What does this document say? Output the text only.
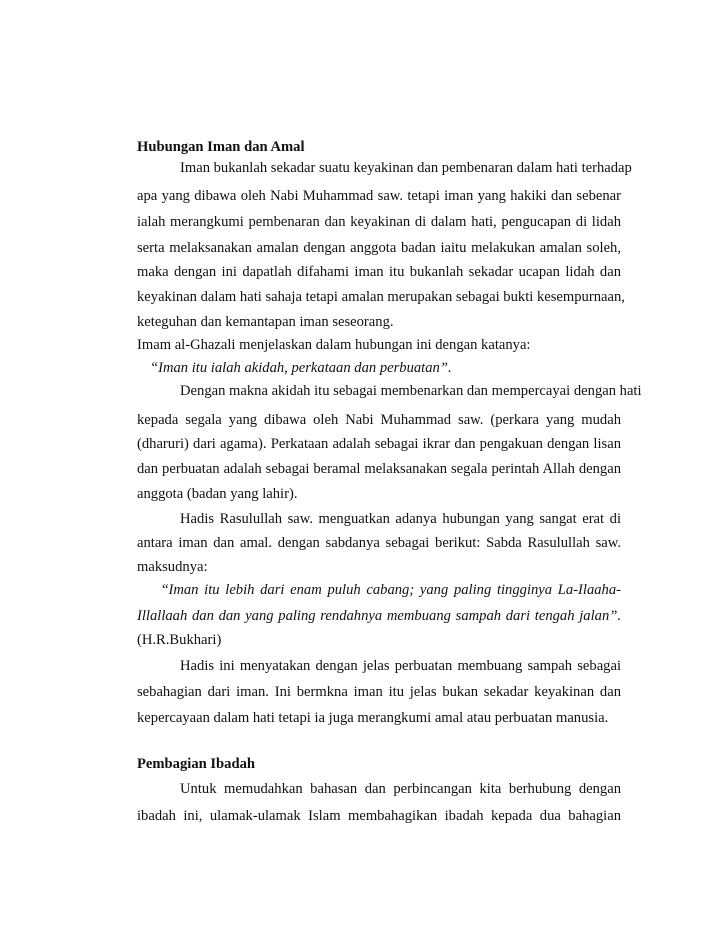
Hubungan Iman dan Amal
Iman bukanlah sekadar suatu keyakinan dan pembenaran dalam hati terhadap
apa yang dibawa oleh Nabi Muhammad saw. tetapi iman yang hakiki dan sebenar
ialah merangkumi pembenaran dan keyakinan di dalam hati, pengucapan di lidah
serta melaksanakan amalan dengan anggota badan iaitu melakukan amalan soleh,
maka dengan ini dapatlah difahami iman itu bukanlah sekadar ucapan lidah dan
keyakinan dalam hati sahaja tetapi amalan merupakan sebagai bukti kesempurnaan,
keteguhan dan kemantapan iman seseorang.
Imam al-Ghazali menjelaskan dalam hubungan ini dengan katanya:
“Iman itu ialah akidah, perkataan dan perbuatan”.
Dengan makna akidah itu sebagai membenarkan dan mempercayai dengan hati
kepada segala yang dibawa oleh Nabi Muhammad saw. (perkara yang mudah
(dharuri) dari agama). Perkataan adalah sebagai ikrar dan pengakuan dengan lisan
dan perbuatan adalah sebagai beramal melaksanakan segala perintah Allah dengan
anggota (badan yang lahir).
Hadis Rasulullah saw. menguatkan adanya hubungan yang sangat erat di
antara iman dan amal. dengan sabdanya sebagai berikut: Sabda Rasulullah saw.
maksudnya:
“Iman itu lebih dari enam puluh cabang; yang paling tingginya La-Ilaaha-
Illallaah dan dan yang paling rendahnya membuang sampah dari tengah jalan”.
(H.R.Bukhari)
Hadis ini menyatakan dengan jelas perbuatan membuang sampah sebagai
sebahagian dari iman. Ini bermkna iman itu jelas bukan sekadar keyakinan dan
kepercayaan dalam hati tetapi ia juga merangkumi amal atau perbuatan manusia.
Pembagian Ibadah
Untuk memudahkan bahasan dan perbincangan kita berhubung dengan
ibadah ini, ulamak-ulamak Islam membahagikan ibadah kepada dua bahagian
